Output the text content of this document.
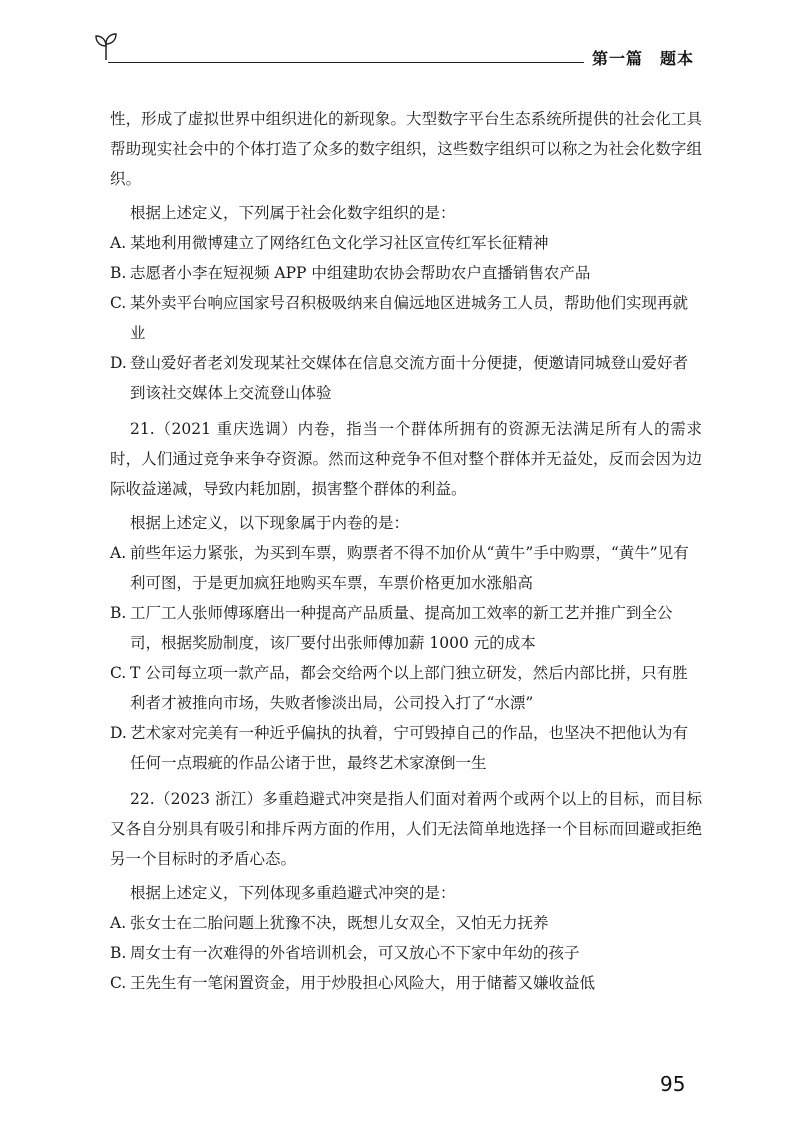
第一篇　题本

性，形成了虚拟世界中组织进化的新现象。大型数字平台生态系统所提供的社会化工具帮助现实社会中的个体打造了众多的数字组织，这些数字组织可以称之为社会化数字组织。

根据上述定义，下列属于社会化数字组织的是：

A. 某地利用微博建立了网络红色文化学习社区宣传红军长征精神

B. 志愿者小李在短视频 APP 中组建助农协会帮助农户直播销售农产品

C. 某外卖平台响应国家号召积极吸纳来自偏远地区进城务工人员，帮助他们实现再就业

D. 登山爱好者老刘发现某社交媒体在信息交流方面十分便捷，便邀请同城登山爱好者到该社交媒体上交流登山体验

21.（2021 重庆选调）内卷，指当一个群体所拥有的资源无法满足所有人的需求时，人们通过竞争来争夺资源。然而这种竞争不但对整个群体并无益处，反而会因为边际收益递减，导致内耗加剧，损害整个群体的利益。

根据上述定义，以下现象属于内卷的是：

A. 前些年运力紧张，为买到车票，购票者不得不加价从“黄牛”手中购票，“黄牛”见有利可图，于是更加疯狂地购买车票，车票价格更加水涨船高

B. 工厂工人张师傅琢磨出一种提高产品质量、提高加工效率的新工艺并推广到全公司，根据奖励制度，该厂要付出张师傅加薪 1000 元的成本

C. T 公司每立项一款产品，都会交给两个以上部门独立研发，然后内部比拼，只有胜利者才被推向市场，失败者惨淡出局，公司投入打了“水漂”

D. 艺术家对完美有一种近乎偏执的执着，宁可毁掉自己的作品，也坚决不把他认为有任何一点瑕疵的作品公诸于世，最终艺术家潦倒一生

22.（2023 浙江）多重趋避式冲突是指人们面对着两个或两个以上的目标，而目标又各自分别具有吸引和排斥两方面的作用，人们无法简单地选择一个目标而回避或拒绝另一个目标时的矛盾心态。

根据上述定义，下列体现多重趋避式冲突的是：

A. 张女士在二胎问题上犹豫不决，既想儿女双全，又怕无力抚养

B. 周女士有一次难得的外省培训机会，可又放心不下家中年幼的孩子

C. 王先生有一笔闲置资金，用于炒股担心风险大，用于储蓄又嫌收益低

95
